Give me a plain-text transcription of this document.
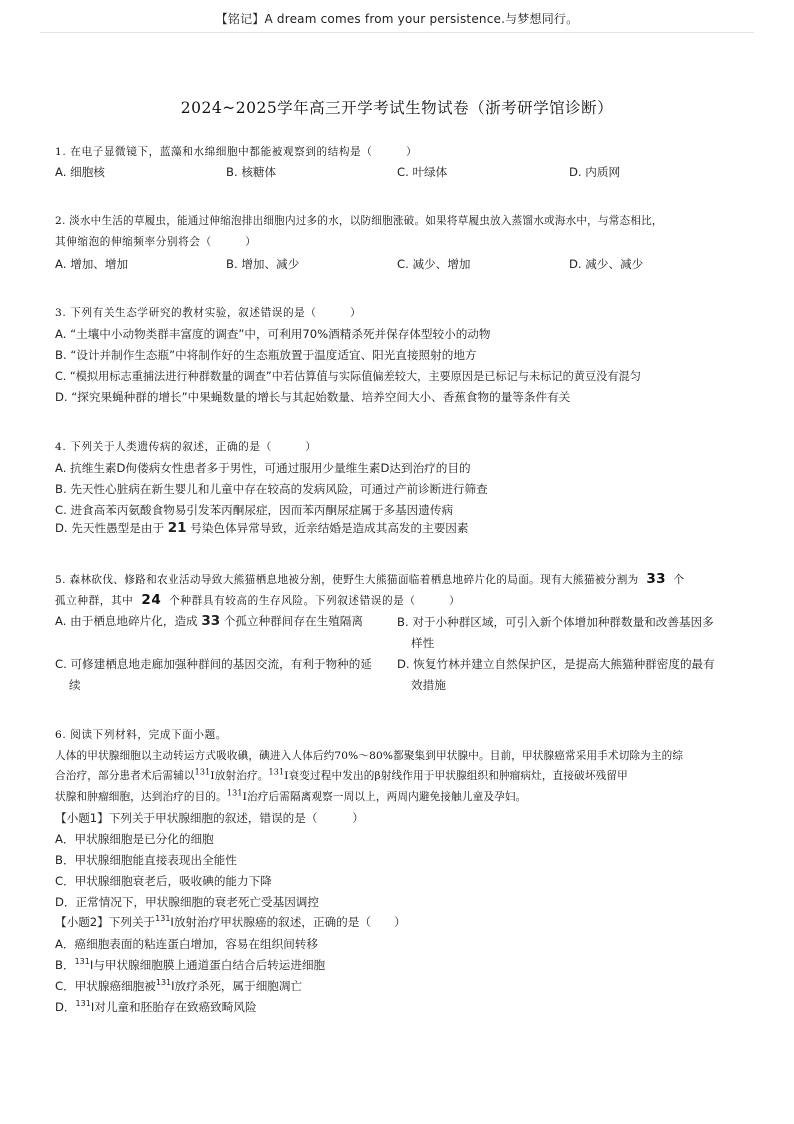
【铭记】A dream comes from your persistence.与梦想同行。
2024~2025学年高三开学考试生物试卷（浙考研学馆诊断）
1. 在电子显微镜下，蓝藻和水绵细胞中都能被观察到的结构是（　　　）
A. 细胞核	B. 核糖体	C. 叶绿体	D. 内质网
2. 淡水中生活的草履虫，能通过伸缩泡排出细胞内过多的水，以防细胞涨破。如果将草履虫放入蒸馏水或海水中，与常态相比，
其伸缩泡的伸缩频率分别将会（　　　）
A. 增加、增加	B. 增加、减少	C. 减少、增加	D. 减少、减少
3. 下列有关生态学研究的教材实验，叙述错误的是（　　　）
A. “土壤中小动物类群丰富度的调查”中，可利用70%酒精杀死并保存体型较小的动物
B. “设计并制作生态瓶”中将制作好的生态瓶放置于温度适宜、阳光直接照射的地方
C. “模拟用标志重捕法进行种群数量的调查”中若估算值与实际值偏差较大，主要原因是已标记与未标记的黄豆没有混匀
D. “探究果蝇种群的增长”中果蝇数量的增长与其起始数量、培养空间大小、香蕉食物的量等条件有关
4. 下列关于人类遗传病的叙述，正确的是（　　　）
A. 抗维生素D佝偻病女性患者多于男性，可通过服用少量维生素D达到治疗的目的
B. 先天性心脏病在新生婴儿和儿童中存在较高的发病风险，可通过产前诊断进行筛查
C. 进食高苯丙氨酸食物易引发苯丙酮尿症，因而苯丙酮尿症属于多基因遗传病
D. 先天性愚型是由于 21 号染色体异常导致，近亲结婚是造成其高发的主要因素
5. 森林砍伐、修路和农业活动导致大熊猫栖息地被分割，使野生大熊猫面临着栖息地碎片化的局面。现有大熊猫被分割为 33 个
孤立种群，其中 24 个种群具有较高的生存风险。下列叙述错误的是（　　　）
A. 由于栖息地碎片化，造成 33 个孤立种群间存在生殖隔离	B. 对于小种群区域，可引入新个体增加种群数量和改善基因多
样性
C. 可修建栖息地走廊加强种群间的基因交流，有利于物种的延
续
D. 恢复竹林并建立自然保护区，是提高大熊猫种群密度的最有
效措施
6. 阅读下列材料，完成下面小题。
人体的甲状腺细胞以主动转运方式吸收碘，碘进入人体后约70%～80%都聚集到甲状腺中。目前，甲状腺癌常采用手术切除为主的综
合治疗，部分患者术后需辅以$^{131}$I放射治疗。$^{131}$I衰变过程中发出的β射线作用于甲状腺组织和肿瘤病灶，直接破坏残留甲
状腺和肿瘤细胞，达到治疗的目的。$^{131}$I治疗后需隔离观察一周以上，两周内避免接触儿童及孕妇。
【小题1】下列关于甲状腺细胞的叙述，错误的是（　　　）
A．甲状腺细胞是已分化的细胞
B．甲状腺细胞能直接表现出全能性
C．甲状腺细胞衰老后，吸收碘的能力下降
D．正常情况下，甲状腺细胞的衰老死亡受基因调控
【小题2】下列关于$^{131}$I放射治疗甲状腺癌的叙述，正确的是（　　）
A．癌细胞表面的粘连蛋白增加，容易在组织间转移
B．$^{131}$I与甲状腺细胞膜上通道蛋白结合后转运进细胞
C．甲状腺癌细胞被$^{131}$I放疗杀死，属于细胞凋亡
D．$^{131}$I对儿童和胚胎存在致癌致畸风险
